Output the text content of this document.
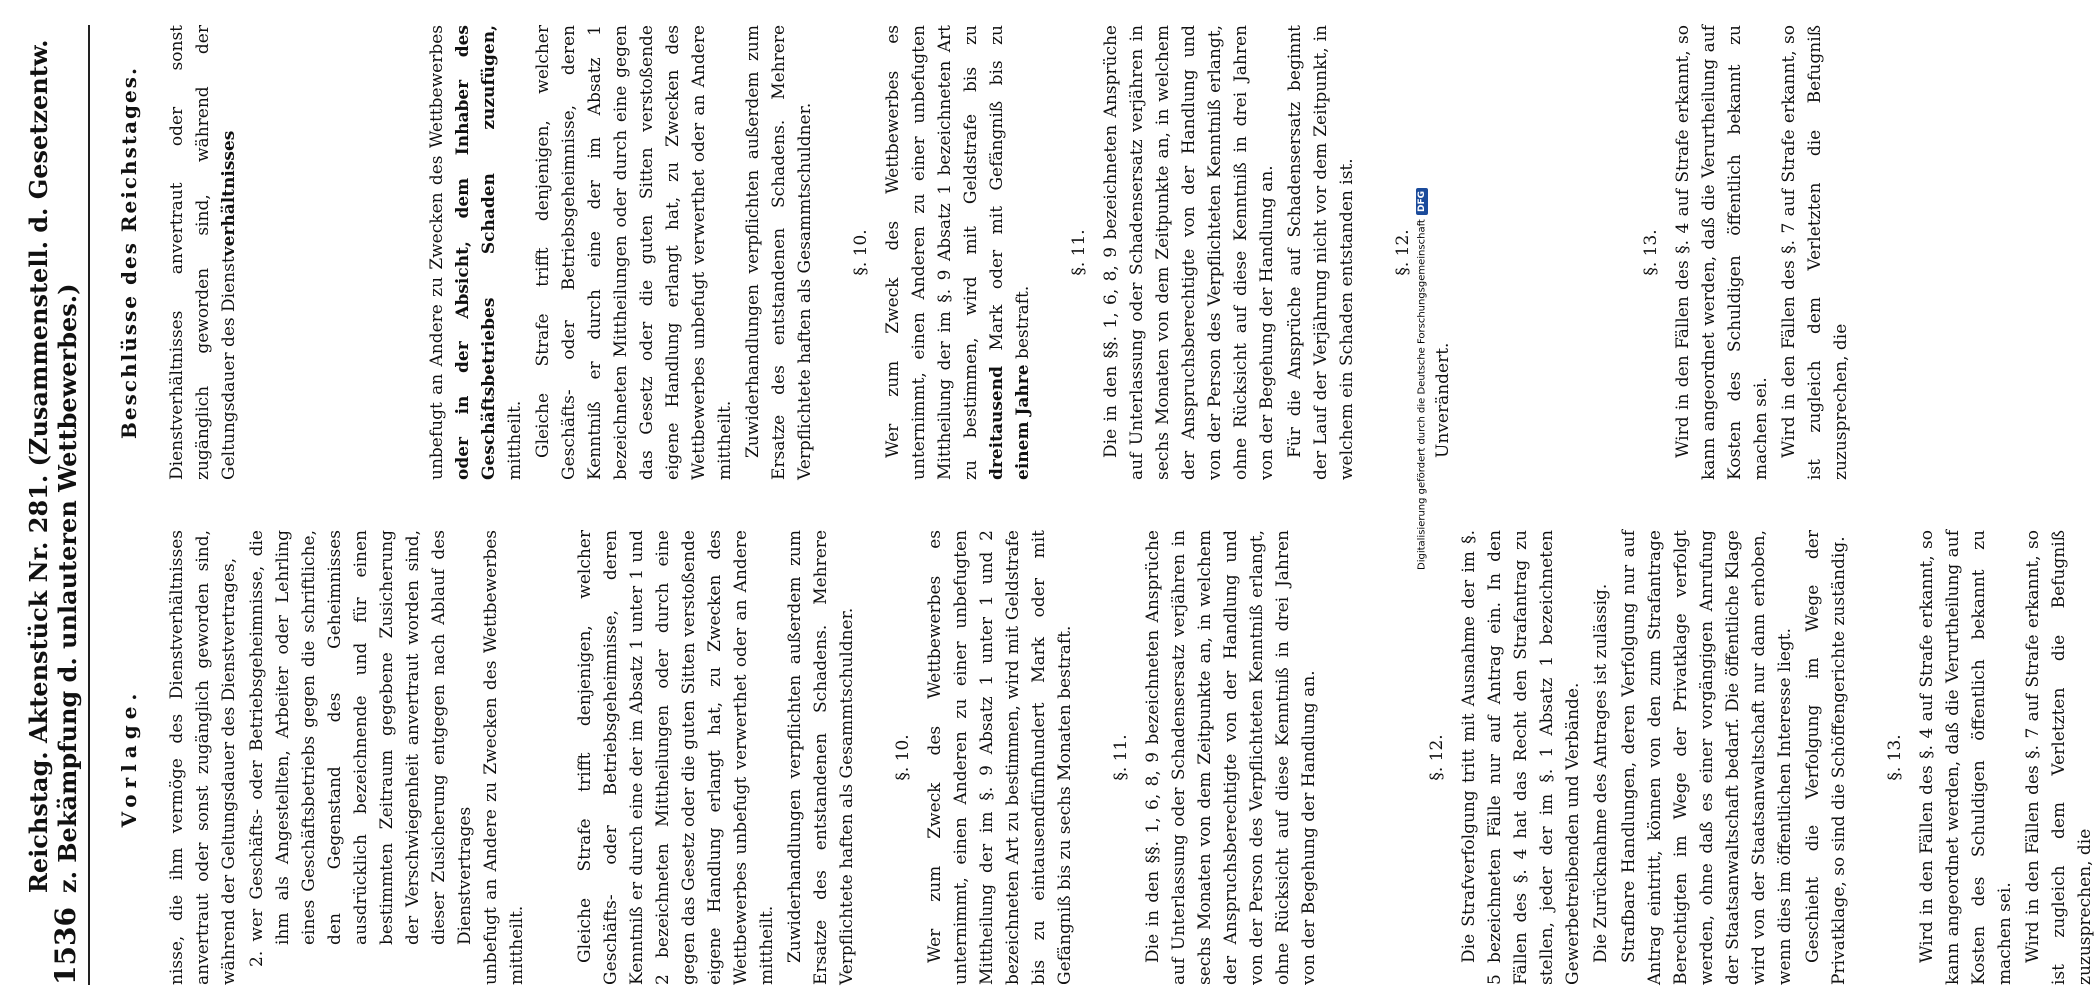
1536
Reichstag. Aktenstück Nr. 281. (Zusammenstell. d. Gesetzentw. z. Bekämpfung d. unlauteren Wettbewerbes.) Vorlage. nisse, die ihm vermöge des Dienstverhältnisses anvertraut oder sonst zugänglich geworden sind, während der Geltungsdauer des Dienstvertrages, 2. wer Geschäfts- oder Betriebsgeheimnisse, die ihm als Angestellten, Arbeiter oder Lehrling eines Geschäftsbetriebs gegen die schriftliche, den Gegenstand des Geheimnisses ausdrücklich bezeichnende und für einen bestimmten Zeitraum gegebene Zusicherung der Verschwiegenheit anvertraut worden sind, dieser Zusicherung entgegen nach Ablauf des Dienstvertrages unbefugt an Andere zu Zwecken des Wettbewerbes mittheilt.	Gleiche Strafe trifft denjenigen, welcher Geschäfts- oder Betriebsgeheimnisse, deren Kenntniß er durch eine der im Absatz 1 unter 1 und 2 bezeichneten Mittheilungen oder durch eine gegen das Gesetz oder die guten Sitten verstoßende eigene Handlung erlangt hat, zu Zwecken des Wettbewerbes unbefugt verwerthet oder an Andere mittheilt. Zuwiderhandlungen verpflichten außerdem zum Ersatze des entstandenen Schadens. Mehrere Verpflichtete haften als Gesammtschuldner. §. 10. Wer zum Zweck des Wettbewerbes es unternimmt, einen Anderen zu einer unbefugten Mittheilung der im §. 9 Absatz 1 unter 1 und 2 bezeichneten Art zu bestimmen, wird mit Geldstrafe bis zu eintausendfünfhundert Mark oder mit Gefängniß bis zu sechs Monaten bestraft. §. 11. Die in den §§. 1, 6, 8, 9 bezeichneten Ansprüche auf Unterlassung oder Schadensersatz verjähren in sechs Monaten von dem Zeitpunkte an, in welchem der Anspruchsberechtigte von der Handlung und von der Person des Verpflichteten Kenntniß erlangt, ohne Rücksicht auf diese Kenntniß in drei Jahren von der Begehung der Handlung an.	§. 12. Die Strafverfolgung tritt mit Ausnahme der im §. 5 bezeichneten Fälle nur auf Antrag ein. In den Fällen des §. 4 hat das Recht den Strafantrag zu stellen, jeder der im §. 1 Absatz 1 bezeichneten Gewerbetreibenden und Verbände. Die Zurücknahme des Antrages ist zulässig. Strafbare Handlungen, deren Verfolgung nur auf Antrag eintritt, können von den zum Strafantrage Berechtigten im Wege der Privatklage verfolgt werden, ohne daß es einer vorgängigen Anrufung der Staatsanwaltschaft bedarf. Die öffentliche Klage wird von der Staatsanwaltschaft nur dann erhoben, wenn dies im öffentlichen Interesse liegt. Geschieht die Verfolgung im Wege der Privatklage, so sind die Schöffengerichte zuständig. §. 13. Wird in den Fällen des §. 4 auf Strafe erkannt, so kann angeordnet werden, daß die Verurtheilung auf Kosten des Schuldigen öffentlich bekannt zu machen sei. Wird in den Fällen des §. 7 auf Strafe erkannt, so ist zugleich dem Verletzten die Befugniß zuzusprechen, die

Beschlüsse des Reichstages. Dienstverhältnisses anvertraut oder sonst zugänglich geworden sind, während der Geltungsdauer des Dienstverhältnisses	unbefugt an Andere zu Zwecken des Wettbewerbes oder in der Absicht, dem Inhaber des Geschäftsbetriebes Schaden zuzufügen, mittheilt. Gleiche Strafe trifft denjenigen, welcher Geschäfts- oder Betriebsgeheimnisse, deren Kenntniß er durch eine der im Absatz 1 bezeichneten Mittheilungen oder durch eine gegen das Gesetz oder die guten Sitten verstoßende eigene Handlung erlangt hat, zu Zwecken des Wettbewerbes unbefugt verwerthet oder an Andere mittheilt. Zuwiderhandlungen verpflichten außerdem zum Ersatze des entstandenen Schadens. Mehrere Verpflichtete haften als Gesammtschuldner. §. 10. Wer zum Zweck des Wettbewerbes es unternimmt, einen Anderen zu einer unbefugten Mittheilung der im §. 9 Absatz 1 bezeichneten Art zu bestimmen, wird mit Geldstrafe bis zu dreitausend Mark oder mit Gefängniß bis zu einem Jahre bestraft.

§. 11. Die in den §§. 1, 6, 8, 9 bezeichneten Ansprüche auf Unterlassung oder Schadensersatz verjähren in sechs Monaten von dem Zeitpunkte an, in welchem der Anspruchsberechtigte von der Handlung und von der Person des Verpflichteten Kenntniß erlangt, ohne Rücksicht auf diese Kenntniß in drei Jahren von der Begehung der Handlung an. Für die Ansprüche auf Schadensersatz beginnt der Lauf der Verjährung nicht vor dem Zeitpunkt, in welchem ein Schaden entstanden ist. §. 12.

Unverändert.

§. 13. Wird in den Fällen des §. 4 auf Strafe erkannt, so kann angeordnet werden, daß die Verurtheilung auf Kosten des Schuldigen öffentlich bekannt zu machen sei. Wird in den Fällen des §. 7 auf Strafe erkannt, so ist zugleich dem Verletzten die Befugniß zuzusprechen, die

Digitalisierung gefördert durch die Deutsche Forschungsgemeinschaft
DFG
